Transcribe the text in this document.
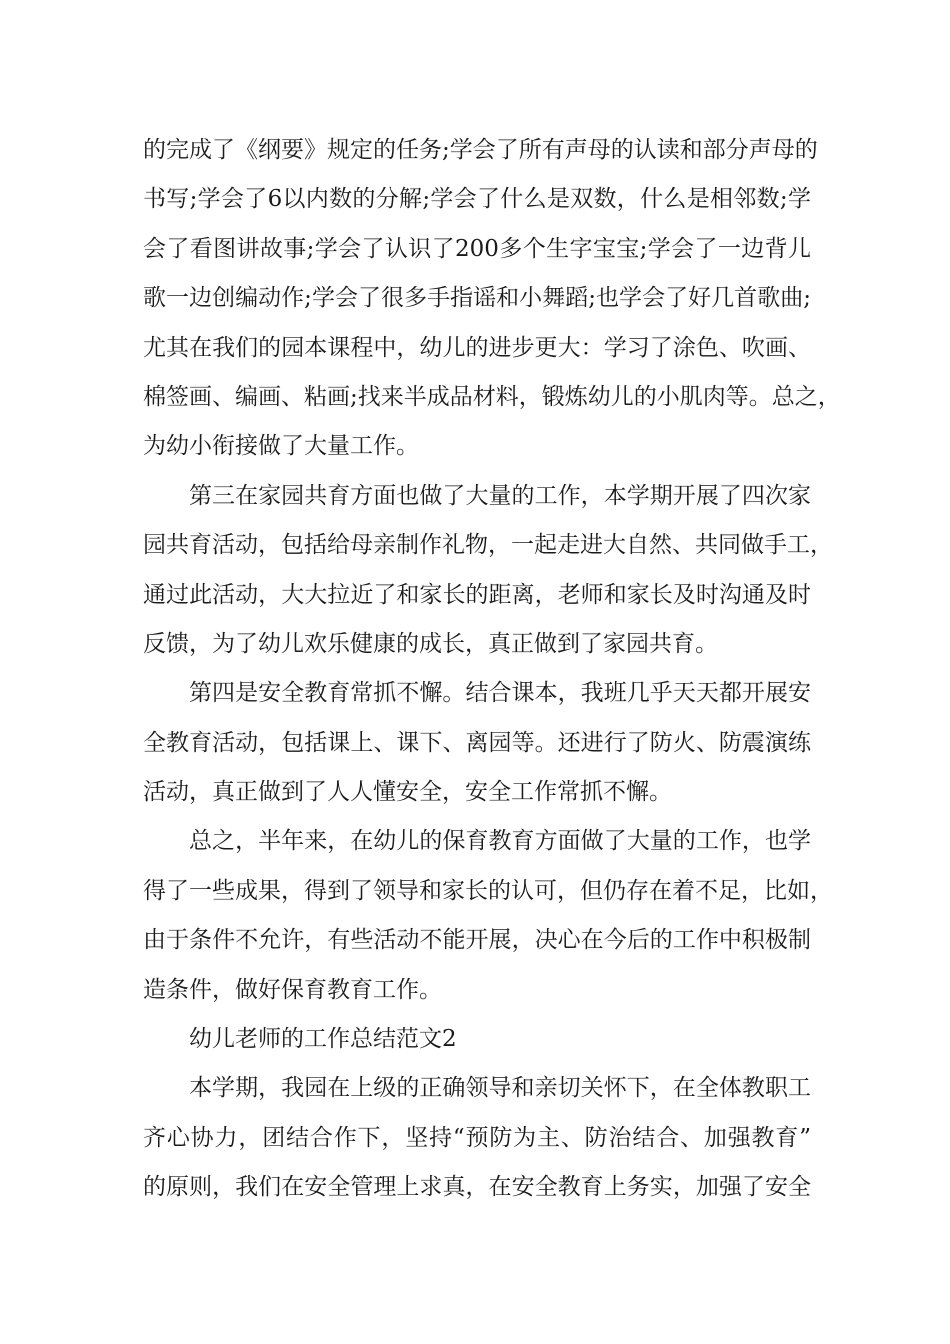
的完成了《纲要》规定的任务;学会了所有声母的认读和部分声母的
书写;学会了6以内数的分解;学会了什么是双数，什么是相邻数;学
会了看图讲故事;学会了认识了200多个生字宝宝;学会了一边背儿
歌一边创编动作;学会了很多手指谣和小舞蹈;也学会了好几首歌曲;
尤其在我们的园本课程中，幼儿的进步更大：学习了涂色、吹画、
棉签画、编画、粘画;找来半成品材料，锻炼幼儿的小肌肉等。总之，
为幼小衔接做了大量工作。
第三在家园共育方面也做了大量的工作，本学期开展了四次家
园共育活动，包括给母亲制作礼物，一起走进大自然、共同做手工，
通过此活动，大大拉近了和家长的距离，老师和家长及时沟通及时
反馈，为了幼儿欢乐健康的成长，真正做到了家园共育。
第四是安全教育常抓不懈。结合课本，我班几乎天天都开展安
全教育活动，包括课上、课下、离园等。还进行了防火、防震演练
活动，真正做到了人人懂安全，安全工作常抓不懈。
总之，半年来，在幼儿的保育教育方面做了大量的工作，也学
得了一些成果，得到了领导和家长的认可，但仍存在着不足，比如，
由于条件不允许，有些活动不能开展，决心在今后的工作中积极制
造条件，做好保育教育工作。
幼儿老师的工作总结范文2
本学期，我园在上级的正确领导和亲切关怀下，在全体教职工
齐心协力，团结合作下，坚持“预防为主、防治结合、加强教育”
的原则，我们在安全管理上求真，在安全教育上务实，加强了安全
